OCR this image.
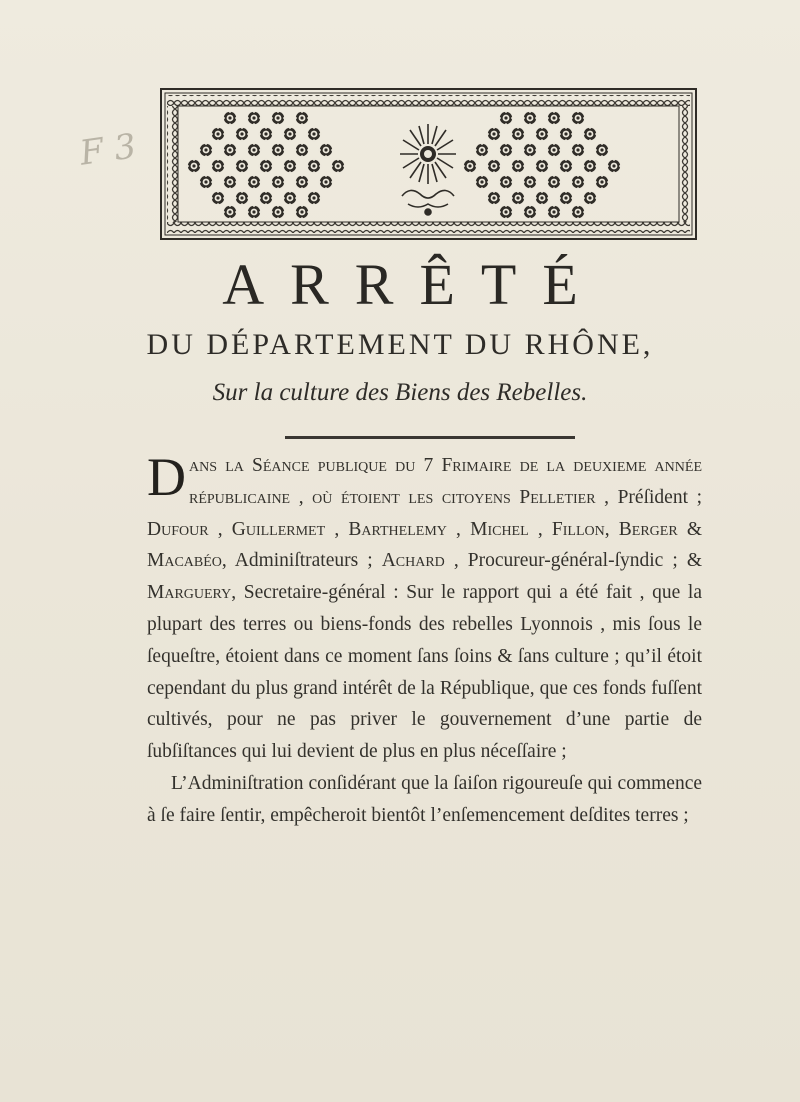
F 3
ARRÊTÉ
DU DÉPARTEMENT DU RHÔNE,
Sur la culture des Biens des Rebelles.

Dans la Séance publique du 7 Frimaire de la deuxieme année républicaine , où étoient les citoyens Pelletier , Préſident ; Dufour , Guillermet , Barthelemy , Michel , Fillon, Berger & Macabéo, Adminiſtrateurs ; Achard , Procureur-général-ſyndic ; & Marguery, Secretaire-général : Sur le rapport qui a été fait , que la plupart des terres ou biens-fonds des rebelles Lyonnois , mis ſous le ſequeſtre, étoient dans ce moment ſans ſoins & ſans culture ; qu’il étoit cependant du plus grand intérêt de la République, que ces fonds fuſſent cultivés, pour ne pas priver le gouvernement d’une partie de ſubſiſtances qui lui devient de plus en plus néceſſaire ;

L’Adminiſtration conſidérant que la ſaiſon rigoureuſe qui commence à ſe faire ſentir, empêcheroit bientôt l’enſemencement deſdites terres ;
